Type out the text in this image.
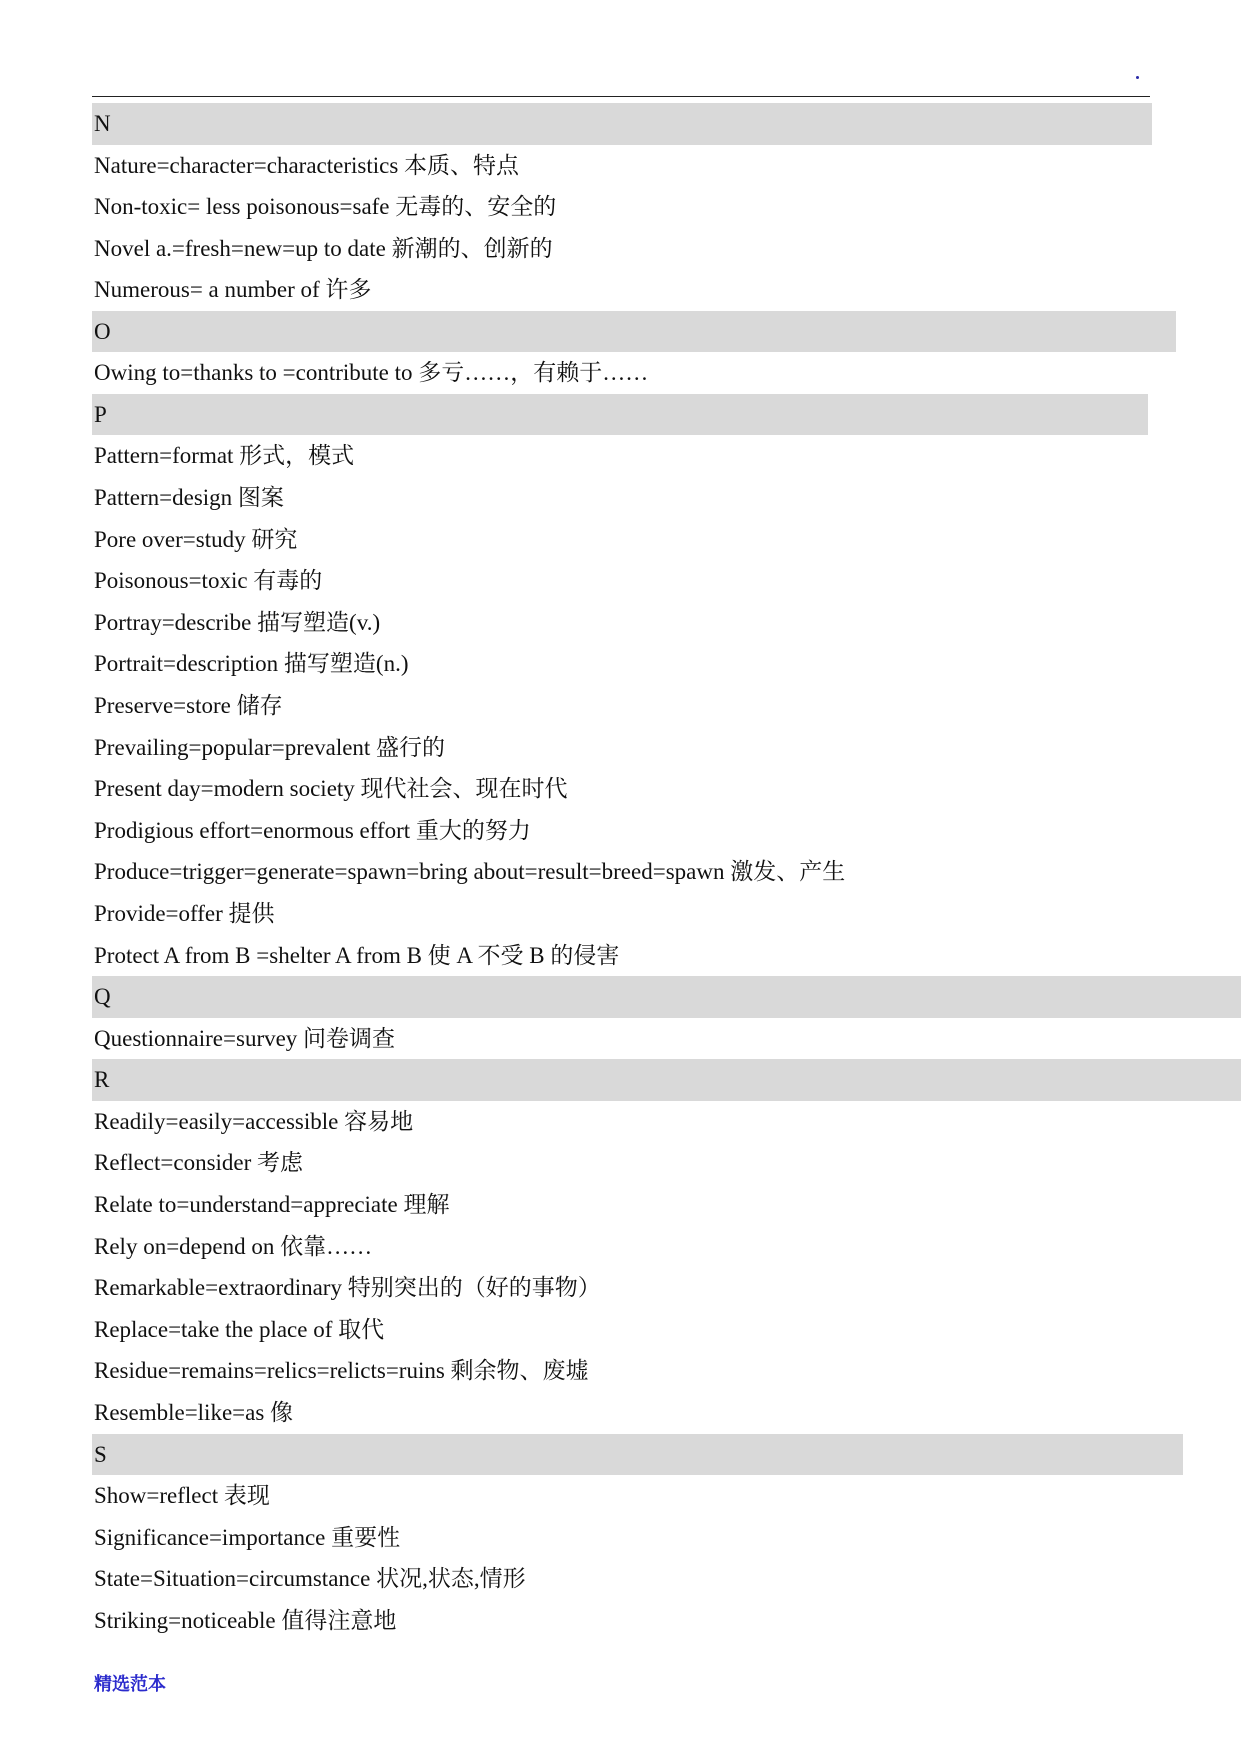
N
Nature=character=characteristics 本质、特点
Non-toxic= less poisonous=safe 无毒的、安全的
Novel a.=fresh=new=up to date 新潮的、创新的
Numerous= a number of 许多
O
Owing to=thanks to =contribute to 多亏……，有赖于……
P
Pattern=format 形式，模式
Pattern=design 图案
Pore over=study 研究
Poisonous=toxic 有毒的
Portray=describe 描写塑造(v.)
Portrait=description 描写塑造(n.)
Preserve=store 储存
Prevailing=popular=prevalent 盛行的
Present day=modern society 现代社会、现在时代
Prodigious effort=enormous effort 重大的努力
Produce=trigger=generate=spawn=bring about=result=breed=spawn 激发、产生
Provide=offer 提供
Protect A from B =shelter A from B 使 A 不受 B 的侵害
Q
Questionnaire=survey 问卷调查
R
Readily=easily=accessible 容易地
Reflect=consider 考虑
Relate to=understand=appreciate 理解
Rely on=depend on 依靠……
Remarkable=extraordinary 特别突出的（好的事物）
Replace=take the place of 取代
Residue=remains=relics=relicts=ruins 剩余物、废墟
Resemble=like=as 像
S
Show=reflect 表现
Significance=importance 重要性
State=Situation=circumstance 状况,状态,情形
Striking=noticeable 值得注意地
精选范本
